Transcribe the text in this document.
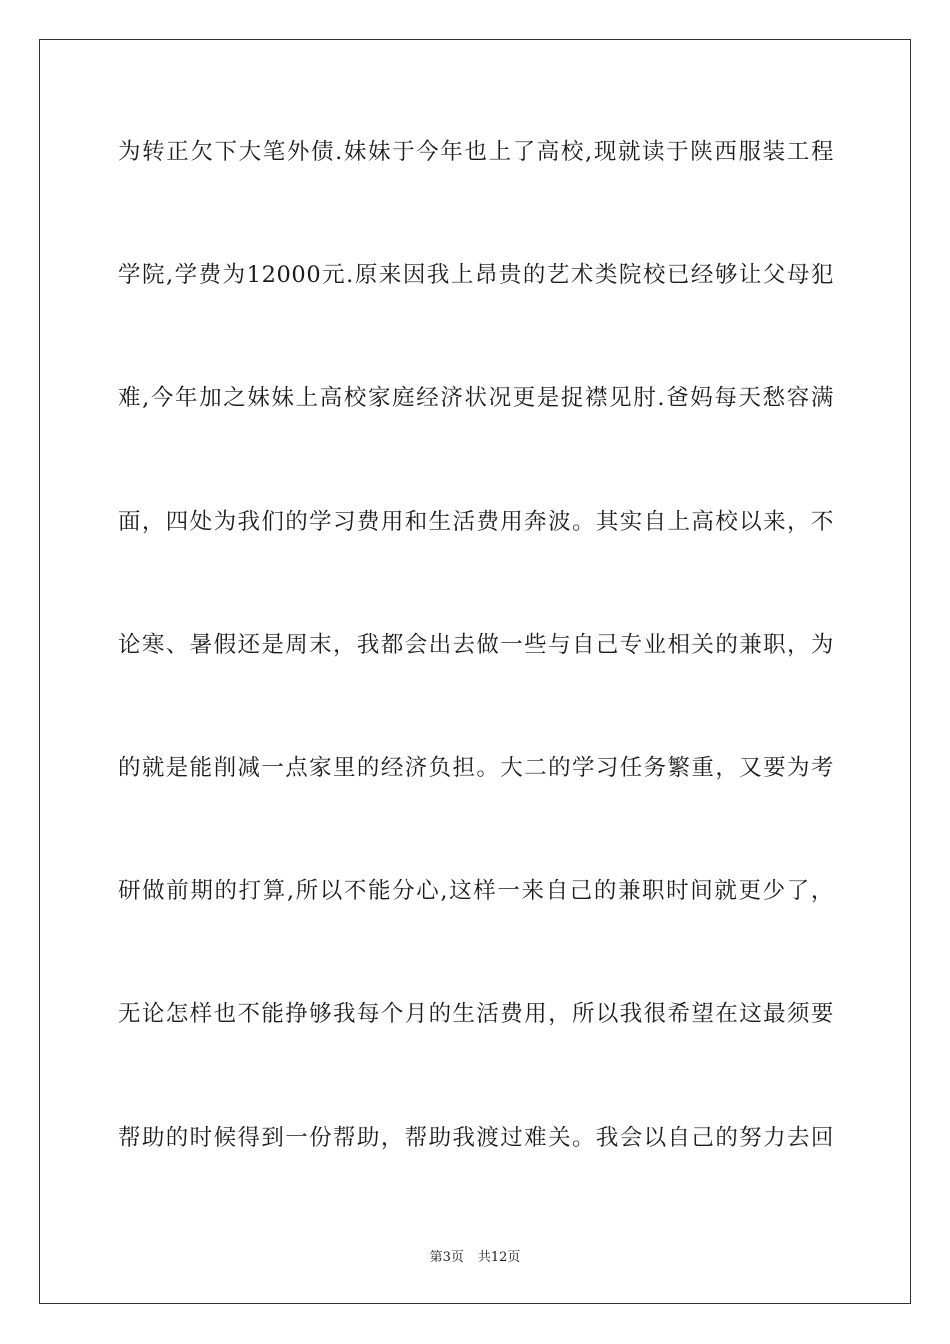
为转正欠下大笔外债.妹妹于今年也上了高校,现就读于陕西服装工程
学院,学费为12000元.原来因我上昂贵的艺术类院校已经够让父母犯
难,今年加之妹妹上高校家庭经济状况更是捉襟见肘.爸妈每天愁容满
面，四处为我们的学习费用和生活费用奔波。其实自上高校以来，不
论寒、暑假还是周末，我都会出去做一些与自己专业相关的兼职，为
的就是能削减一点家里的经济负担。大二的学习任务繁重，又要为考
研做前期的打算,所以不能分心,这样一来自己的兼职时间就更少了，
无论怎样也不能挣够我每个月的生活费用，所以我很希望在这最须要
帮助的时候得到一份帮助，帮助我渡过难关。我会以自己的努力去回
第3页 共12页
